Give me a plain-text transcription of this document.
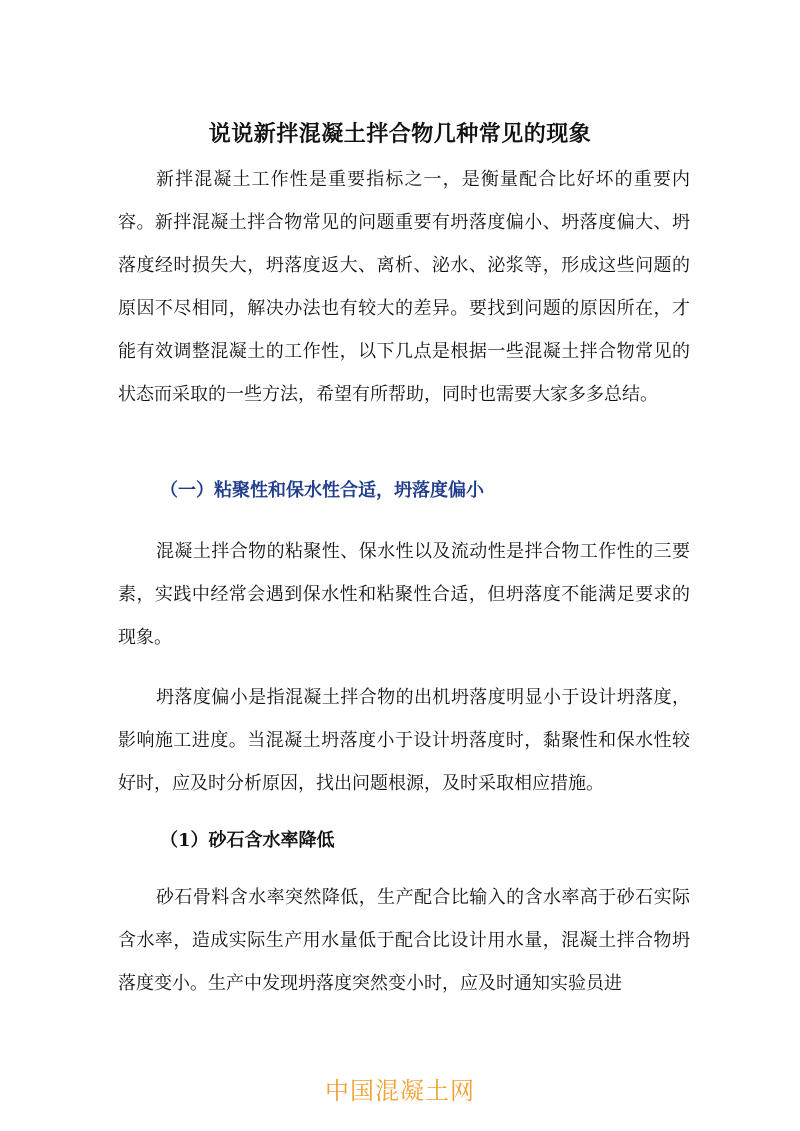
说说新拌混凝土拌合物几种常见的现象

新拌混凝土工作性是重要指标之一，是衡量配合比好坏的重要内容。新拌混凝土拌合物常见的问题重要有坍落度偏小、坍落度偏大、坍落度经时损失大，坍落度返大、离析、泌水、泌浆等，形成这些问题的原因不尽相同，解决办法也有较大的差异。要找到问题的原因所在，才能有效调整混凝土的工作性，以下几点是根据一些混凝土拌合物常见的状态而采取的一些方法，希望有所帮助，同时也需要大家多多总结。

（一）粘聚性和保水性合适，坍落度偏小

混凝土拌合物的粘聚性、保水性以及流动性是拌合物工作性的三要素，实践中经常会遇到保水性和粘聚性合适，但坍落度不能满足要求的现象。

坍落度偏小是指混凝土拌合物的出机坍落度明显小于设计坍落度，影响施工进度。当混凝土坍落度小于设计坍落度时，黏聚性和保水性较好时，应及时分析原因，找出问题根源，及时采取相应措施。

（1）砂石含水率降低

砂石骨料含水率突然降低，生产配合比输入的含水率高于砂石实际含水率，造成实际生产用水量低于配合比设计用水量，混凝土拌合物坍落度变小。生产中发现坍落度突然变小时，应及时通知实验员进

中国混凝土网
